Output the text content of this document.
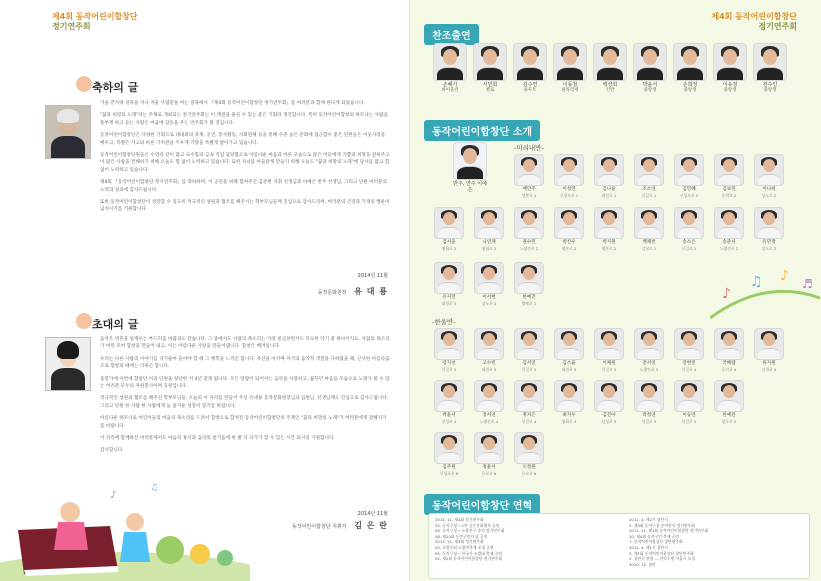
제4회 동작어린이합창단
정기연주회
축하의 글

가을 끝자락 길목을 지나 겨울 사립문을 여는 길목에서 『제4회 동작어린이합창단 정기연주회』를 여러분과 함께 한다게 되었습니다.

"꿈과 희망의 노래"라는 주제로 개최되는 정기연주회는 이 계절을 줄길 수 있는 좋은 기회라 생각합니다. 특히 동작어린이합창의 하모니는 사람을 풍부게 하고 듣는 사람은 마음에 감동을 주는 연주회가 될 것입니다.

동작어린이합창단은 다양한 기회으로 대내외의 축제, 공연, 봉사활동, 사회단체 등을 통해 수준 높은 문화에 접근할수 좋은 단원들은 이웃사랑을 배우고, 특별은 사고와 바른 가치관을 키우게 기량을 특별게 쌓아가고 있습니다.

동작어린이합창단원들은 수영과 같이 많고 숙수함과 금속 직업 담당함으로 아름다운 마음과 바른 모습으로 많은 이들에게 기쁨과 희망을 전하주고 이 많은 사람을 견해하기 위해 오늘도 힘 없이 노력하고 있습니다. 또한 자녀를 아들같게 만들기 위해 오늘도 "꿈과 희망의 노래"에 당시를 많고 힘 없이 노력하고 있습니다.

제4회 『동작어린이합창단 정기연주회』를 축하하며, 이 공연을 위해 힘써주신 김준현 지휘 선생님과 이예은 반주 선생님, 그리고 단원 여러분의 노력과 성과에 감사드립니다.

또한 동작어린이합창단이 성장할 수 있도록 적극적인 성원과 협조를 해주시는 학부모님들께 진심으로 감사드리며, 여러분의 건강과 가정의 행운이 넘치시기를 기원합니다.

2014년 11월
동작문화원장 유 대 룡
초대의 글

음악은 영혼을 일깨우는 부드러움 바람과도 같습니다. 그 중에서도 사람의 목소리는 가장 친근하면서도 익숙한 악기 중 하나이지요. 사람의 목소리가 여럿 모여 합창을 만들어 내고, 이는 아름다운 사랑을 만들어냅니다. 합창은 배려입니다.

우리는 다른 사람의 이야기를 귀기울여 들어야 할 때 그 행복을 느끼곤 합니다. 자신을 아끼며 자기의 음악적 색깔을 다하였을 때, 근사한 아름다움으로 합창의 때에는 더하곤 합니다.

올봄가에 이번에 합창단 이의 단원을 창단한 지 4년 맞게 됩니다. 모든 알람이 되어서는 음악을 사랑하고, 꿈꾸던 마음을 모습으로 노래가 될 수 있는 여러분 모두의 자원봉사이며 응원입니다.

적극적인 성원과 협조를 해주신 학부모님들, 오늘의 이 자리를 만들어 주신 유대룡 동작문화원장님과 임원님, 선생님께도 진심으로 감사드립니다. 그리고 단원 한 사람 한 사람에게 늘 즐거운 성장이 있기를 바랍니다.

아름다운 하모니로 어린이들의 마음의 목소리를 드려서 합창으로 합쳐진 동작어린이합창단의 주제인 "꿈과 희망의 노래"가 여러분에게 전해지기를 바랍니다.

이 자리에 함께하신 여러분께서도 마음의 휴식과 음악의 즐거움에 한 발 더 다가가 할 수 있는 시간 되시길 기원합니다.

감사합니다.

2014년 11월
동작어린이합창단 지휘자 김 은 란
♪
♫
제4회 동작어린이합창단
정기연주회
찬조출연
손혜기
바이올린
서민희
첼로
김수연
플루트
이동철
클라리넷
백상희
건반
박윤서
중앙생
손희정
중앙생
이유정
중앙생
전수인
중앙생
동작어린이합창단 소개
반주, 연주 이예은
-미리내반-
배민주
성봉초 1
이성민
신창초초 1
김나윤
대림초 1
조소연
신길초 1
김민혜
신성초초 2
김보민
동작초 2
이나희
상도초 2
김서윤
영화초 2
나연재
영화초 2
권수민
노량진초 2
박진우
영본초 2
박지원
영본초 2
백채빈
강남초 2
송소은
신길초 2
송준서
노량진초 2
유민정
상도초 2
유지민
대림초 3
이서현
상도초 2
한예진
방배초 2
-한울반-
강지선
신길초 3
고수빈
대림초 3
김서연
신길초 3
김소율
대림초 3
이채원
신길초 3
전서연
노량진초 3
강현빈
신길초 4
국해람
동작초 4
류지원
신림초 4
박윤서
신성초 4
장서연
노량진초 4
정지은
신길초 4
최지우
영화초 4
김진아
남성초 5
박정연
신길초 5
이승연
신길초 5
한예린
상도초 5
김주원
신성초초 6
정윤서
은로초 6
오정원
은로초 6
♪
♫ ♪ ♬
동작어린이합창단 연혁
2014. 11. 제4회 정기연주회
10. 동작구청 ─ 1부 공동문화행사 공연
09. 동작구청 ─ 노량진구 송진 정기연주회
08. 제23회 동작구민의 날 공연
2013. 11. 제3회 정기연주회
05. 소방주최 노량진축제 초청 공연
05. 동작구청 ─ 한국가 소방대 축제 공연
02. 제2회 동작어린이합창단 정기연주회
2012. 4. 제2기 창단식
3. 제3회 동작구청 송어린이 정기연주회
2011. 11. 제1회 동작어린이합창단 정기연주회
10. 제4회 동작구민 축제 공연
7. 동작어린이합창단 창단연주회
2011. 4. 제1기 창단식
3. 제1회 동작어린이합창단 창단연주회
2. 창단식 연합 — 관악소방 서울시 모집
2010. 12. 창단
